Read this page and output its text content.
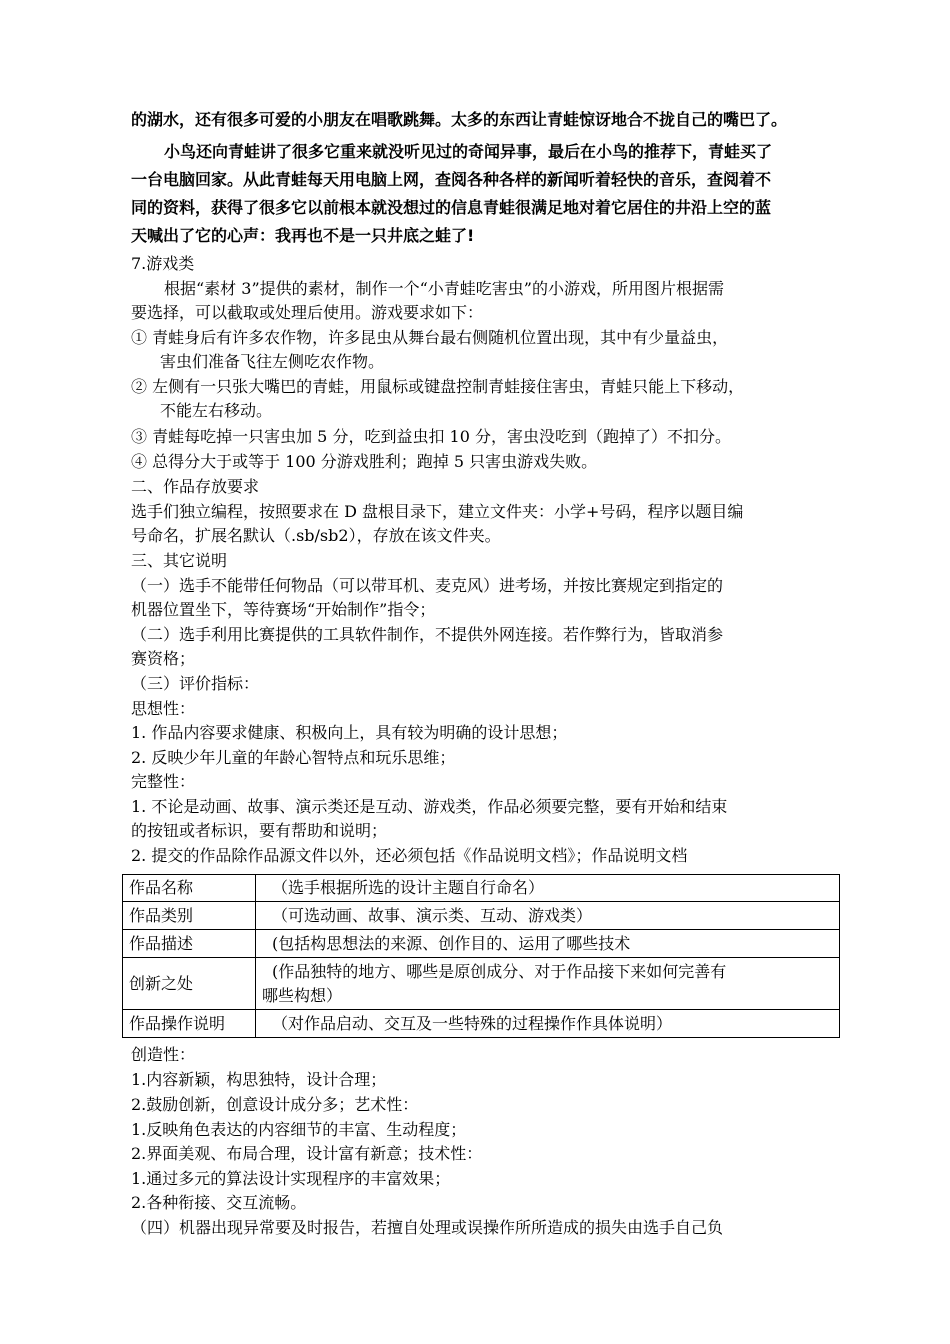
的湖水，还有很多可爱的小朋友在唱歌跳舞。太多的东西让青蛙惊讶地合不拢自己的嘴巴了。
小鸟还向青蛙讲了很多它重来就没听见过的奇闻异事，最后在小鸟的推荐下，青蛙买了
一台电脑回家。从此青蛙每天用电脑上网，查阅各种各样的新闻听着轻快的音乐，查阅着不
同的资料，获得了很多它以前根本就没想过的信息青蛙很满足地对着它居住的井沿上空的蓝
天喊出了它的心声：我再也不是一只井底之蛙了!
7.游戏类
根据“素材 3”提供的素材，制作一个“小青蛙吃害虫”的小游戏，所用图片根据需
要选择，可以截取或处理后使用。游戏要求如下：
① 青蛙身后有许多农作物，许多昆虫从舞台最右侧随机位置出现，其中有少量益虫，
害虫们准备飞往左侧吃农作物。
② 左侧有一只张大嘴巴的青蛙，用鼠标或键盘控制青蛙接住害虫，青蛙只能上下移动，
不能左右移动。
③ 青蛙每吃掉一只害虫加 5 分，吃到益虫扣 10 分，害虫没吃到（跑掉了）不扣分。
④ 总得分大于或等于 100 分游戏胜利；跑掉 5 只害虫游戏失败。
二、作品存放要求
选手们独立编程，按照要求在 D 盘根目录下，建立文件夹：小学+号码，程序以题目编
号命名，扩展名默认（.sb/sb2），存放在该文件夹。
三、其它说明
（一）选手不能带任何物品（可以带耳机、麦克风）进考场，并按比赛规定到指定的
机器位置坐下，等待赛场“开始制作”指令；
（二）选手利用比赛提供的工具软件制作，不提供外网连接。若作弊行为，皆取消参
赛资格；
（三）评价指标：
思想性：
1. 作品内容要求健康、积极向上，具有较为明确的设计思想；
2. 反映少年儿童的年龄心智特点和玩乐思维；
完整性：
1. 不论是动画、故事、演示类还是互动、游戏类，作品必须要完整，要有开始和结束
的按钮或者标识，要有帮助和说明；
2. 提交的作品除作品源文件以外，还必须包括《作品说明文档》；作品说明文档
作品名称	（选手根据所选的设计主题自行命名）
作品类别	（可选动画、故事、演示类、互动、游戏类）
作品描述	(包括构思想法的来源、创作目的、运用了哪些技术
创新之处	(作品独特的地方、哪些是原创成分、对于作品接下来如何完善有
哪些构想）

作品操作说明	（对作品启动、交互及一些特殊的过程操作作具体说明）
创造性：
1.内容新颖，构思独特，设计合理；
2.鼓励创新，创意设计成分多；艺术性：
1.反映角色表达的内容细节的丰富、生动程度；
2.界面美观、布局合理，设计富有新意；技术性：
1.通过多元的算法设计实现程序的丰富效果；
2.各种衔接、交互流畅。
（四）机器出现异常要及时报告，若擅自处理或误操作所所造成的损失由选手自己负
